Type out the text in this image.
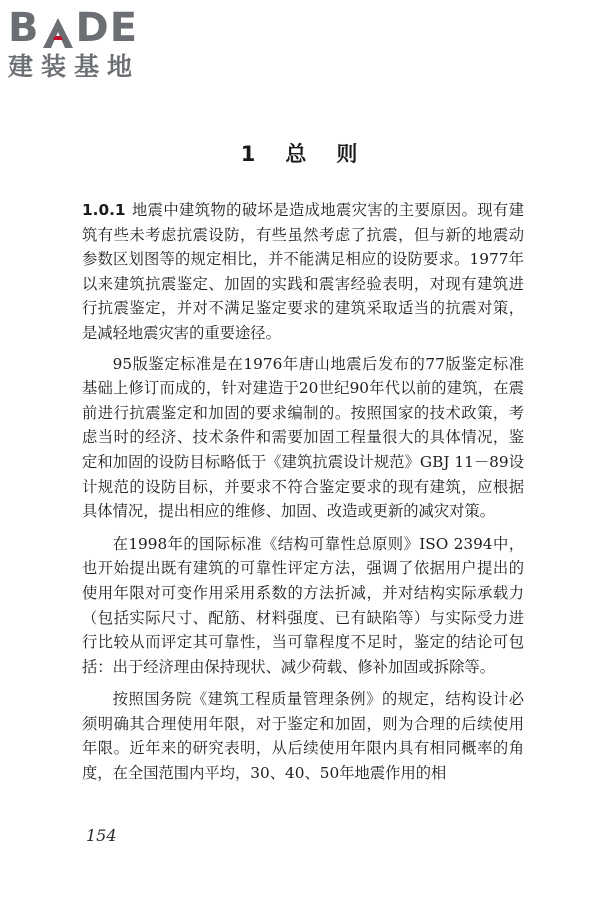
B DE
建装基地
1 总 则

1.0.1 地震中建筑物的破坏是造成地震灾害的主要原因。现有建筑有些未考虑抗震设防，有些虽然考虑了抗震，但与新的地震动参数区划图等的规定相比，并不能满足相应的设防要求。1977年以来建筑抗震鉴定、加固的实践和震害经验表明，对现有建筑进行抗震鉴定，并对不满足鉴定要求的建筑采取适当的抗震对策，是减轻地震灾害的重要途径。

95版鉴定标准是在1976年唐山地震后发布的77版鉴定标准基础上修订而成的，针对建造于20世纪90年代以前的建筑，在震前进行抗震鉴定和加固的要求编制的。按照国家的技术政策，考虑当时的经济、技术条件和需要加固工程量很大的具体情况，鉴定和加固的设防目标略低于《建筑抗震设计规范》GBJ 11－89设计规范的设防目标，并要求不符合鉴定要求的现有建筑，应根据具体情况，提出相应的维修、加固、改造或更新的减灾对策。

在1998年的国际标准《结构可靠性总原则》ISO 2394中，也开始提出既有建筑的可靠性评定方法，强调了依据用户提出的使用年限对可变作用采用系数的方法折减，并对结构实际承载力（包括实际尺寸、配筋、材料强度、已有缺陷等）与实际受力进行比较从而评定其可靠性，当可靠程度不足时，鉴定的结论可包括：出于经济理由保持现状、减少荷载、修补加固或拆除等。

按照国务院《建筑工程质量管理条例》的规定，结构设计必须明确其合理使用年限，对于鉴定和加固，则为合理的后续使用年限。近年来的研究表明，从后续使用年限内具有相同概率的角度，在全国范围内平均，30、40、50年地震作用的相

154
